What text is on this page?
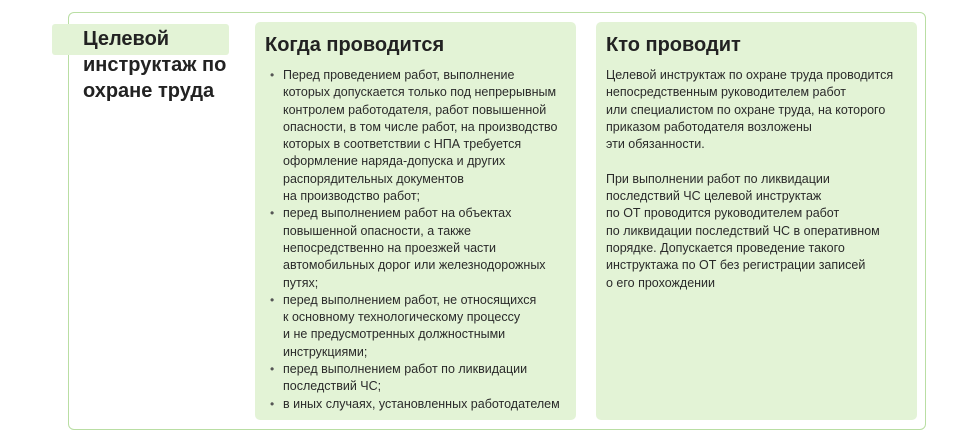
Целевой инструктаж по охране труда
Когда проводится
• Перед проведением работ, выполнение
которых допускается только под непрерывным
контролем работодателя, работ повышенной
опасности, в том числе работ, на производство
которых в соответствии с НПА требуется
оформление наряда-допуска и других
распорядительных документов
на производство работ;
• перед выполнением работ на объектах
повышенной опасности, а также
непосредственно на проезжей части
автомобильных дорог или железнодорожных
путях;
• перед выполнением работ, не относящихся
к основному технологическому процессу
и не предусмотренных должностными
инструкциями;
• перед выполнением работ по ликвидации
последствий ЧС;
• в иных случаях, установленных работодателем
Кто проводит

Целевой инструктаж по охране труда проводится
непосредственным руководителем работ
или специалистом по охране труда, на которого
приказом работодателя возложены
эти обязанности.

При выполнении работ по ликвидации
последствий ЧС целевой инструктаж
по ОТ проводится руководителем работ
по ликвидации последствий ЧС в оперативном
порядке. Допускается проведение такого
инструктажа по ОТ без регистрации записей
о его прохождении
